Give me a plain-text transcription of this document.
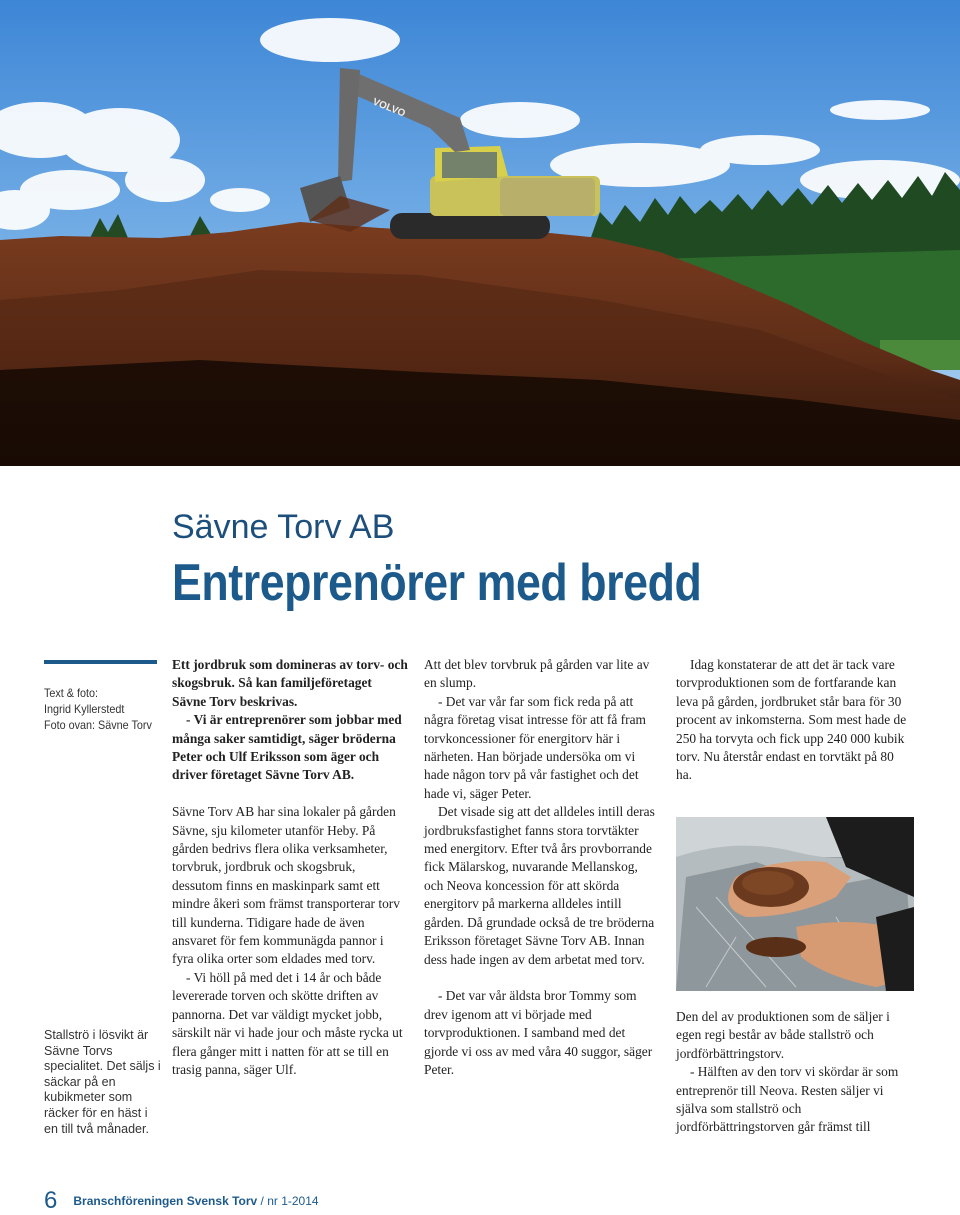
VOLVO
Sävne Torv AB
Entreprenörer med bredd
Text & foto:
Ingrid Kyllerstedt
Foto ovan: Sävne Torv
Stallströ i lösvikt är Sävne Torvs specialitet. Det säljs i säckar på en kubikmeter som räcker för en häst i en till två månader.

Ett jordbruk som domineras av torv- och skogsbruk. Så kan familjeföretaget Sävne Torv beskrivas.

- Vi är entreprenörer som jobbar med många saker samtidigt, säger bröderna Peter och Ulf Eriksson som äger och driver företaget Sävne Torv AB.

Sävne Torv AB har sina lokaler på gården Sävne, sju kilometer utanför Heby. På gården bedrivs flera olika verksamheter, torvbruk, jordbruk och skogsbruk, dessutom finns en maskinpark samt ett mindre åkeri som främst transporterar torv till kunderna. Tidigare hade de även ansvaret för fem kommunägda pannor i fyra olika orter som eldades med torv.

- Vi höll på med det i 14 år och både levererade torven och skötte driften av pannorna. Det var väldigt mycket jobb, särskilt när vi hade jour och måste rycka ut flera gånger mitt i natten för att se till en trasig panna, säger Ulf.

Att det blev torvbruk på gården var lite av en slump.

- Det var vår far som fick reda på att några företag visat intresse för att få fram torvkoncessioner för energitorv här i närheten. Han började undersöka om vi hade någon torv på vår fastighet och det hade vi, säger Peter.

Det visade sig att det alldeles intill deras jordbruksfastighet fanns stora torvtäkter med energitorv. Efter två års provborrande fick Mälarskog, nuvarande Mellanskog, och Neova koncession för att skörda energitorv på markerna alldeles intill gården. Då grundade också de tre bröderna Eriksson företaget Sävne Torv AB. Innan dess hade ingen av dem arbetat med torv.

- Det var vår äldsta bror Tommy som drev igenom att vi började med torvproduktionen. I samband med det gjorde vi oss av med våra 40 suggor, säger Peter.

Idag konstaterar de att det är tack vare torvproduktionen som de fortfarande kan leva på gården, jordbruket står bara för 30 procent av inkomsterna. Som mest hade de 250 ha torvyta och fick upp 240 000 kubik torv. Nu återstår endast en torvtäkt på 80 ha.

Den del av produktionen som de säljer i egen regi består av både stallströ och jordförbättringstorv.

- Hälften av den torv vi skördar är som entreprenör till Neova. Resten säljer vi själva som stallströ och jordförbättringstorven går främst till

6 Branschföreningen Svensk Torv / nr 1-2014
